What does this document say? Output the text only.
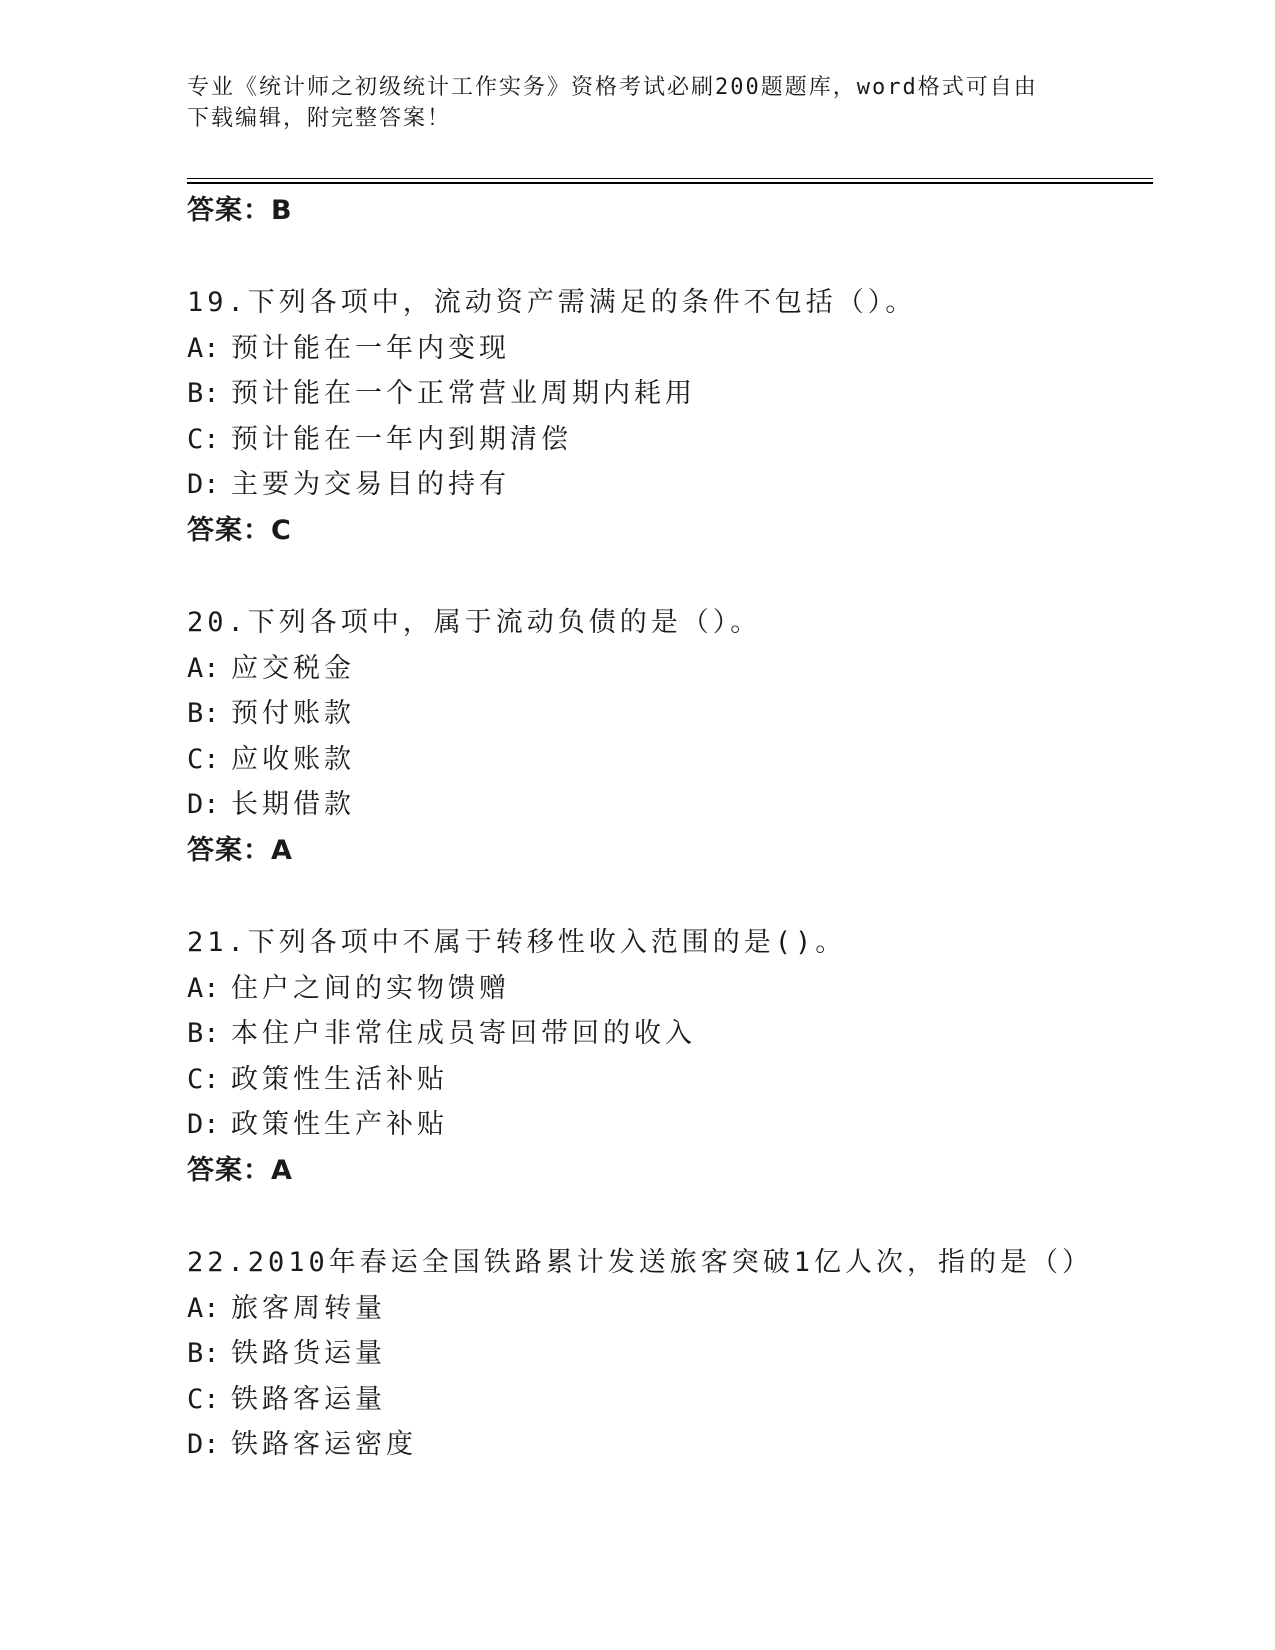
专业《统计师之初级统计工作实务》资格考试必刷200题题库，word格式可自由
下载编辑，附完整答案！
答案：B
19.下列各项中，流动资产需满足的条件不包括（）。
A: 预计能在一年内变现
B: 预计能在一个正常营业周期内耗用
C: 预计能在一年内到期清偿
D: 主要为交易目的持有
答案：C
20.下列各项中，属于流动负债的是（）。
A: 应交税金
B: 预付账款
C: 应收账款
D: 长期借款
答案：A
21.下列各项中不属于转移性收入范围的是()。
A: 住户之间的实物馈赠
B: 本住户非常住成员寄回带回的收入
C: 政策性生活补贴
D: 政策性生产补贴
答案：A
22.2010年春运全国铁路累计发送旅客突破1亿人次，指的是（）
A: 旅客周转量
B: 铁路货运量
C: 铁路客运量
D: 铁路客运密度
